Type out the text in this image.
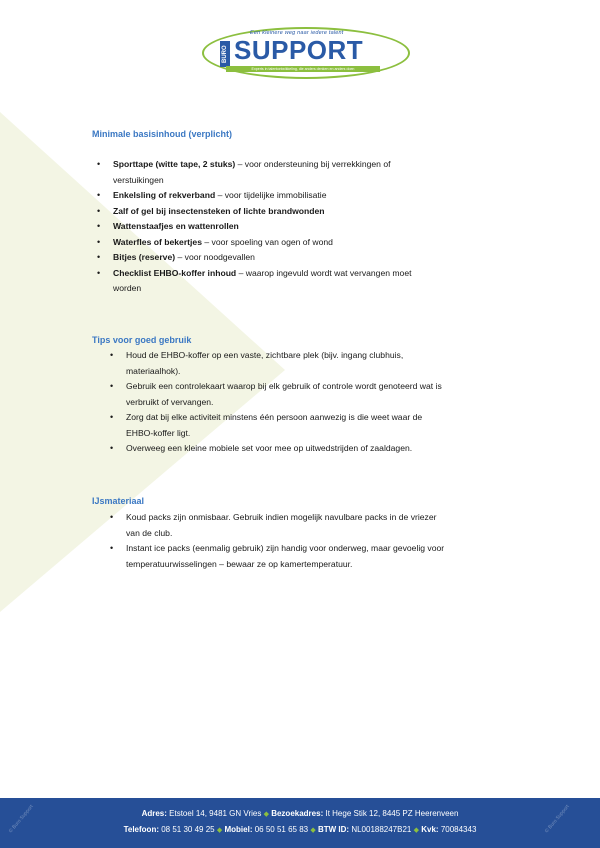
Een kleinere weg naar iedere talent
BURO SUPPORT
Experts in talentontwikkeling, die anders denken en anders doen
Minimale basisinhoud (verplicht)
• Sporttape (witte tape, 2 stuks) – voor ondersteuning bij verrekkingen of
verstuikingen
• Enkelsling of rekverband – voor tijdelijke immobilisatie
• Zalf of gel bij insectensteken of lichte brandwonden
• Wattenstaafjes en wattenrollen
• Waterfles of bekertjes – voor spoeling van ogen of wond
• Bitjes (reserve) – voor noodgevallen
• Checklist EHBO-koffer inhoud – waarop ingevuld wordt wat vervangen moet
worden
Tips voor goed gebruik
• Houd de EHBO-koffer op een vaste, zichtbare plek (bijv. ingang clubhuis,
materiaalhok).
• Gebruik een controlekaart waarop bij elk gebruik of controle wordt genoteerd wat is
verbruikt of vervangen.
• Zorg dat bij elke activiteit minstens één persoon aanwezig is die weet waar de
EHBO-koffer ligt.
• Overweeg een kleine mobiele set voor mee op uitwedstrijden of zaaldagen.
IJsmateriaal
• Koud packs zijn onmisbaar. Gebruik indien mogelijk navulbare packs in de vriezer
van de club.
• Instant ice packs (eenmalig gebruik) zijn handig voor onderweg, maar gevoelig voor
temperatuurwisselingen – bewaar ze op kamertemperatuur.
© Buro Support	© Buro Support
Adres: Etstoel 14, 9481 GN Vries ◆ Bezoekadres: It Hege Stik 12, 8445 PZ Heerenveen
Telefoon: 08 51 30 49 25 ◆ Mobiel: 06 50 51 65 83 ◆ BTW ID: NL00188247B21 ◆ Kvk: 70084343
